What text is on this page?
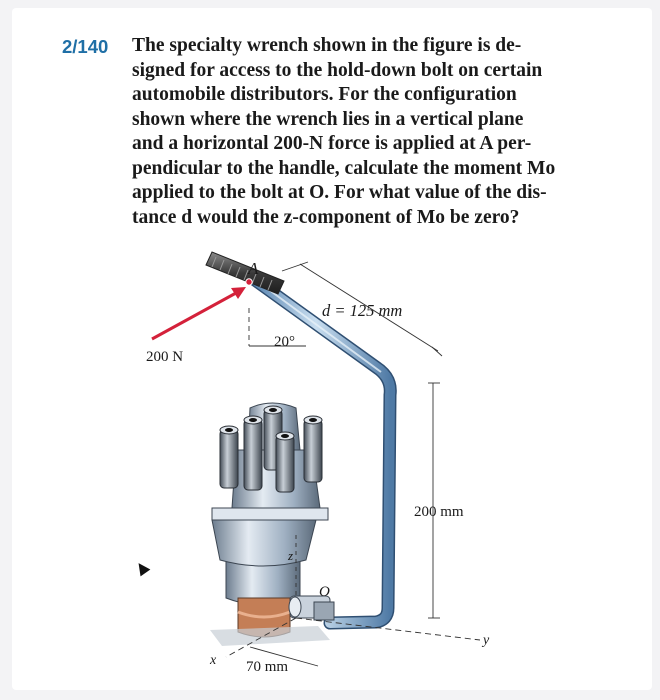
2/140 The specialty wrench shown in the figure is de-
signed for access to the hold-down bolt on certain
automobile distributors. For the configuration
shown where the wrench lies in a vertical plane
and a horizontal 200-N force is applied at A per-
pendicular to the handle, calculate the moment Mo
applied to the bolt at O. For what value of the dis-
tance d would the z-component of Mo be zero?
A
d = 125 mm
20°
200 N
200 mm
70 mm
O
x
y
z
